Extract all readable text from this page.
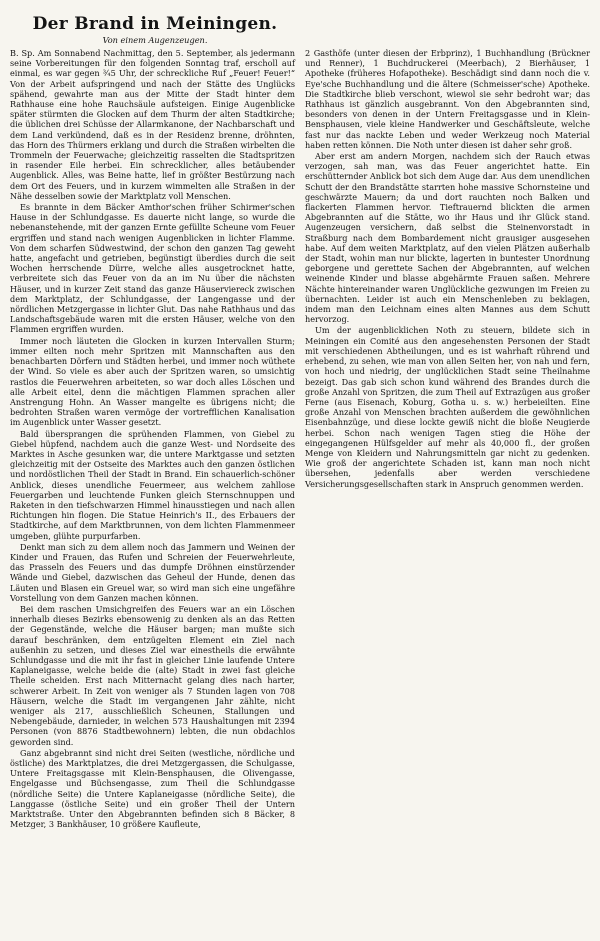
Der Brand in Meiningen.
Von einem Augenzeugen.

B. Sp. Am Sonnabend Nachmittag, den 5. September, als jedermann seine Vorbereitungen für den folgenden Sonntag traf, erscholl auf einmal, es war gegen ¾5 Uhr, der schreckliche Ruf „Feuer! Feuer!“ Von der Arbeit aufspringend und nach der Stätte des Unglücks spähend, gewahrte man aus der Mitte der Stadt hinter dem Rathhause eine hohe Rauchsäule aufsteigen. Einige Augenblicke später stürmten die Glocken auf dem Thurm der alten Stadtkirche; die üblichen drei Schüsse der Allarmkanone, der Nachbarschaft und dem Land verkündend, daß es in der Residenz brenne, dröhnten, das Horn des Thürmers erklang und durch die Straßen wirbelten die Trommeln der Feuerwache; gleichzeitig rasselten die Stadtspritzen in rasender Eile herbei. Ein schrecklicher, alles betäubender Augenblick. Alles, was Beine hatte, lief in größter Bestürzung nach dem Ort des Feuers, und in kurzem wimmelten alle Straßen in der Nähe desselben sowie der Marktplatz voll Menschen.

Es brannte in dem Bäcker Amthor'schen früher Schirmer'schen Hause in der Schlundgasse. Es dauerte nicht lange, so wurde die nebenanstehende, mit der ganzen Ernte gefüllte Scheune vom Feuer ergriffen und stand nach wenigen Augenblicken in lichter Flamme. Von dem scharfen Südwestwind, der schon den ganzen Tag geweht hatte, angefacht und getrieben, begünstigt überdies durch die seit Wochen herrschende Dürre, welche alles ausgetrocknet hatte, verbreitete sich das Feuer von da an im Nu über die nächsten Häuser, und in kurzer Zeit stand das ganze Häuserviereck zwischen dem Marktplatz, der Schlundgasse, der Langengasse und der nördlichen Metzgergasse in lichter Glut. Das nahe Rathhaus und das Landschaftsgebäude waren mit die ersten Häuser, welche von den Flammen ergriffen wurden.

Immer noch läuteten die Glocken in kurzen Intervallen Sturm; immer eilten noch mehr Spritzen mit Mannschaften aus den benachbarten Dörfern und Städten herbei, und immer noch wüthete der Wind. So viele es aber auch der Spritzen waren, so umsichtig rastlos die Feuerwehren arbeiteten, so war doch alles Löschen und alle Arbeit eitel, denn die mächtigen Flammen sprachen aller Anstrengung Hohn. An Wasser mangelte es übrigens nicht; die bedrohten Straßen waren vermöge der vortrefflichen Kanalisation im Augenblick unter Wasser gesetzt.

Bald übersprangen die sprühenden Flammen, von Giebel zu Giebel hüpfend, nachdem auch die ganze West- und Nordseite des Marktes in Asche gesunken war, die untere Marktgasse und setzten gleichzeitig mit der Ostseite des Marktes auch den ganzen östlichen und nordöstlichen Theil der Stadt in Brand. Ein schauerlich-schöner Anblick, dieses unendliche Feuermeer, aus welchem zahllose Feuergarben und leuchtende Funken gleich Sternschnuppen und Raketen in den tiefschwarzen Himmel hinausstiegen und nach allen Richtungen hin flogen. Die Statue Heinrich's II., des Erbauers der Stadtkirche, auf dem Marktbrunnen, von dem lichten Flammenmeer umgeben, glühte purpurfarben.

Denkt man sich zu dem allem noch das Jammern und Weinen der Kinder und Frauen, das Rufen und Schreien der Feuerwehrleute, das Prasseln des Feuers und das dumpfe Dröhnen einstürzender Wände und Giebel, dazwischen das Geheul der Hunde, denen das Läuten und Blasen ein Greuel war, so wird man sich eine ungefähre Vorstellung von dem Ganzen machen können.

Bei dem raschen Umsichgreifen des Feuers war an ein Löschen innerhalb dieses Bezirks ebensowenig zu denken als an das Retten der Gegenstände, welche die Häuser bargen; man mußte sich darauf beschränken, dem entzügelten Element ein Ziel nach außenhin zu setzen, und dieses Ziel war einestheils die erwähnte Schlundgasse und die mit ihr fast in gleicher Linie laufende Untere Kaplaneigasse, welche beide die (alte) Stadt in zwei fast gleiche Theile scheiden. Erst nach Mitternacht gelang dies nach harter, schwerer Arbeit. In Zeit von weniger als 7 Stunden lagen von 708 Häusern, welche die Stadt im vergangenen Jahr zählte, nicht weniger als 217, ausschließlich Scheunen, Stallungen und Nebengebäude, darnieder, in welchen 573 Haushaltungen mit 2394 Personen (von 8876 Stadtbewohnern) lebten, die nun obdachlos geworden sind.

Ganz abgebrannt sind nicht drei Seiten (westliche, nördliche und östliche) des Marktplatzes, die drei Metzgergassen, die Schulgasse, Untere Freitagsgasse mit Klein-Bensphausen, die Olivengasse, Engelgasse und Büchsengasse, zum Theil die Schlundgasse (nördliche Seite) die Untere Kaplaneigasse (nördliche Seite), die Langgasse (östliche Seite) und ein großer Theil der Untern Marktstraße. Unter den Abgebrannten befinden sich 8 Bäcker, 8 Metzger, 3 Bankhäuser, 10 größere Kaufleute,

2 Gasthöfe (unter diesen der Erbprinz), 1 Buchhandlung (Brückner und Renner), 1 Buchdruckerei (Meerbach), 2 Bierhäuser, 1 Apotheke (früheres Hofapotheke). Beschädigt sind dann noch die v. Eye'sche Buchhandlung und die ältere (Schmeisser'sche) Apotheke. Die Stadtkirche blieb verschont, wiewol sie sehr bedroht war; das Rathhaus ist gänzlich ausgebrannt. Von den Abgebrannten sind, besonders von denen in der Untern Freitagsgasse und in Klein-Bensphausen, viele kleine Handwerker und Geschäftsleute, welche fast nur das nackte Leben und weder Werkzeug noch Material haben retten können. Die Noth unter diesen ist daher sehr groß.

Aber erst am andern Morgen, nachdem sich der Rauch etwas verzogen, sah man, was das Feuer angerichtet hatte. Ein erschütternder Anblick bot sich dem Auge dar. Aus dem unendlichen Schutt der den Brandstätte starrten hohe massive Schornsteine und geschwärzte Mauern; da und dort rauchten noch Balken und flackerten Flammen hervor. Tieftrauernd blickten die armen Abgebrannten auf die Stätte, wo ihr Haus und ihr Glück stand. Augenzeugen versichern, daß selbst die Steinenvorstadt in Straßburg nach dem Bombardement nicht grausiger ausgesehen habe. Auf dem weiten Marktplatz, auf den vielen Plätzen außerhalb der Stadt, wohin man nur blickte, lagerten in buntester Unordnung geborgene und gerettete Sachen der Abgebrannten, auf welchen weinende Kinder und blasse abgehärmte Frauen saßen. Mehrere Nächte hintereinander waren Unglückliche gezwungen im Freien zu übernachten. Leider ist auch ein Menschenleben zu beklagen, indem man den Leichnam eines alten Mannes aus dem Schutt hervorzog.

Um der augenblicklichen Noth zu steuern, bildete sich in Meiningen ein Comité aus den angesehensten Personen der Stadt mit verschiedenen Abtheilungen, und es ist wahrhaft rührend und erhebend, zu sehen, wie man von allen Seiten her, von nah und fern, von hoch und niedrig, der unglücklichen Stadt seine Theilnahme bezeigt. Das gab sich schon kund während des Brandes durch die große Anzahl von Spritzen, die zum Theil auf Extrazügen aus großer Ferne (aus Eisenach, Koburg, Gotha u. s. w.) herbeieilten. Eine große Anzahl von Menschen brachten außerdem die gewöhnlichen Eisenbahnzüge, und diese lockte gewiß nicht die bloße Neugierde herbei. Schon nach wenigen Tagen stieg die Höhe der eingegangenen Hülfsgelder auf mehr als 40,000 fl., der großen Menge von Kleidern und Nahrungsmitteln gar nicht zu gedenken. Wie groß der angerichtete Schaden ist, kann man noch nicht übersehen, jedenfalls aber werden verschiedene Versicherungsgesellschaften stark in Anspruch genommen werden.
